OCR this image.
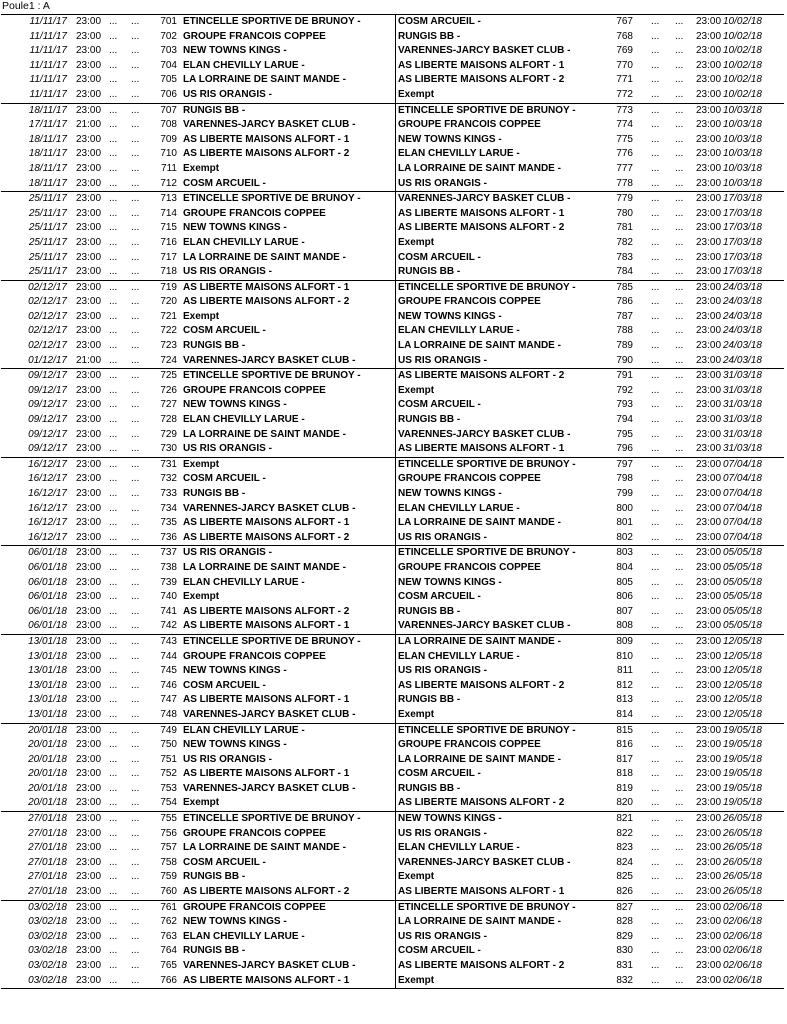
Poule1 : A
11/11/17 23:00 ... ...	701 ETINCELLE SPORTIVE DE BRUNOY -	COSM ARCUEIL -	767 ... ... 23:00 10/02/18
11/11/17 23:00 ... ...	702 GROUPE FRANCOIS COPPEE	RUNGIS BB -	768 ... ... 23:00 10/02/18
11/11/17 23:00 ... ...	703 NEW TOWNS KINGS -	VARENNES-JARCY BASKET CLUB -	769 ... ... 23:00 10/02/18
11/11/17 23:00 ... ...	704 ELAN CHEVILLY LARUE -	AS LIBERTE MAISONS ALFORT - 1	770 ... ... 23:00 10/02/18
11/11/17 23:00 ... ...	705 LA LORRAINE DE SAINT MANDE -	AS LIBERTE MAISONS ALFORT - 2	771 ... ... 23:00 10/02/18
11/11/17 23:00 ... ...	706 US RIS ORANGIS -	Exempt	772 ... ... 23:00 10/02/18
18/11/17 23:00 ... ...	707 RUNGIS BB -	ETINCELLE SPORTIVE DE BRUNOY -	773 ... ... 23:00 10/03/18
17/11/17 21:00 ... ...	708 VARENNES-JARCY BASKET CLUB -	GROUPE FRANCOIS COPPEE	774 ... ... 23:00 10/03/18
18/11/17 23:00 ... ...	709 AS LIBERTE MAISONS ALFORT - 1	NEW TOWNS KINGS -	775 ... ... 23:00 10/03/18
18/11/17 23:00 ... ...	710 AS LIBERTE MAISONS ALFORT - 2	ELAN CHEVILLY LARUE -	776 ... ... 23:00 10/03/18
18/11/17 23:00 ... ...	711 Exempt	LA LORRAINE DE SAINT MANDE -	777 ... ... 23:00 10/03/18
18/11/17 23:00 ... ...	712 COSM ARCUEIL -	US RIS ORANGIS -	778 ... ... 23:00 10/03/18
25/11/17 23:00 ... ...	713 ETINCELLE SPORTIVE DE BRUNOY -	VARENNES-JARCY BASKET CLUB -	779 ... ... 23:00 17/03/18
25/11/17 23:00 ... ...	714 GROUPE FRANCOIS COPPEE	AS LIBERTE MAISONS ALFORT - 1	780 ... ... 23:00 17/03/18
25/11/17 23:00 ... ...	715 NEW TOWNS KINGS -	AS LIBERTE MAISONS ALFORT - 2	781 ... ... 23:00 17/03/18
25/11/17 23:00 ... ...	716 ELAN CHEVILLY LARUE -	Exempt	782 ... ... 23:00 17/03/18
25/11/17 23:00 ... ...	717 LA LORRAINE DE SAINT MANDE -	COSM ARCUEIL -	783 ... ... 23:00 17/03/18
25/11/17 23:00 ... ...	718 US RIS ORANGIS -	RUNGIS BB -	784 ... ... 23:00 17/03/18
02/12/17 23:00 ... ...	719 AS LIBERTE MAISONS ALFORT - 1	ETINCELLE SPORTIVE DE BRUNOY -	785 ... ... 23:00 24/03/18
02/12/17 23:00 ... ...	720 AS LIBERTE MAISONS ALFORT - 2	GROUPE FRANCOIS COPPEE	786 ... ... 23:00 24/03/18
02/12/17 23:00 ... ...	721 Exempt	NEW TOWNS KINGS -	787 ... ... 23:00 24/03/18
02/12/17 23:00 ... ...	722 COSM ARCUEIL -	ELAN CHEVILLY LARUE -	788 ... ... 23:00 24/03/18
02/12/17 23:00 ... ...	723 RUNGIS BB -	LA LORRAINE DE SAINT MANDE -	789 ... ... 23:00 24/03/18
01/12/17 21:00 ... ...	724 VARENNES-JARCY BASKET CLUB -	US RIS ORANGIS -	790 ... ... 23:00 24/03/18
09/12/17 23:00 ... ...	725 ETINCELLE SPORTIVE DE BRUNOY -	AS LIBERTE MAISONS ALFORT - 2	791 ... ... 23:00 31/03/18
09/12/17 23:00 ... ...	726 GROUPE FRANCOIS COPPEE	Exempt	792 ... ... 23:00 31/03/18
09/12/17 23:00 ... ...	727 NEW TOWNS KINGS -	COSM ARCUEIL -	793 ... ... 23:00 31/03/18
09/12/17 23:00 ... ...	728 ELAN CHEVILLY LARUE -	RUNGIS BB -	794 ... ... 23:00 31/03/18
09/12/17 23:00 ... ...	729 LA LORRAINE DE SAINT MANDE -	VARENNES-JARCY BASKET CLUB -	795 ... ... 23:00 31/03/18
09/12/17 23:00 ... ...	730 US RIS ORANGIS -	AS LIBERTE MAISONS ALFORT - 1	796 ... ... 23:00 31/03/18
16/12/17 23:00 ... ...	731 Exempt	ETINCELLE SPORTIVE DE BRUNOY -	797 ... ... 23:00 07/04/18
16/12/17 23:00 ... ...	732 COSM ARCUEIL -	GROUPE FRANCOIS COPPEE	798 ... ... 23:00 07/04/18
16/12/17 23:00 ... ...	733 RUNGIS BB -	NEW TOWNS KINGS -	799 ... ... 23:00 07/04/18
16/12/17 23:00 ... ...	734 VARENNES-JARCY BASKET CLUB -	ELAN CHEVILLY LARUE -	800 ... ... 23:00 07/04/18
16/12/17 23:00 ... ...	735 AS LIBERTE MAISONS ALFORT - 1	LA LORRAINE DE SAINT MANDE -	801 ... ... 23:00 07/04/18
16/12/17 23:00 ... ...	736 AS LIBERTE MAISONS ALFORT - 2	US RIS ORANGIS -	802 ... ... 23:00 07/04/18
06/01/18 23:00 ... ...	737 US RIS ORANGIS -	ETINCELLE SPORTIVE DE BRUNOY -	803 ... ... 23:00 05/05/18
06/01/18 23:00 ... ...	738 LA LORRAINE DE SAINT MANDE -	GROUPE FRANCOIS COPPEE	804 ... ... 23:00 05/05/18
06/01/18 23:00 ... ...	739 ELAN CHEVILLY LARUE -	NEW TOWNS KINGS -	805 ... ... 23:00 05/05/18
06/01/18 23:00 ... ...	740 Exempt	COSM ARCUEIL -	806 ... ... 23:00 05/05/18
06/01/18 23:00 ... ...	741 AS LIBERTE MAISONS ALFORT - 2	RUNGIS BB -	807 ... ... 23:00 05/05/18
06/01/18 23:00 ... ...	742 AS LIBERTE MAISONS ALFORT - 1	VARENNES-JARCY BASKET CLUB -	808 ... ... 23:00 05/05/18
13/01/18 23:00 ... ...	743 ETINCELLE SPORTIVE DE BRUNOY -	LA LORRAINE DE SAINT MANDE -	809 ... ... 23:00 12/05/18
13/01/18 23:00 ... ...	744 GROUPE FRANCOIS COPPEE	ELAN CHEVILLY LARUE -	810 ... ... 23:00 12/05/18
13/01/18 23:00 ... ...	745 NEW TOWNS KINGS -	US RIS ORANGIS -	811 ... ... 23:00 12/05/18
13/01/18 23:00 ... ...	746 COSM ARCUEIL -	AS LIBERTE MAISONS ALFORT - 2	812 ... ... 23:00 12/05/18
13/01/18 23:00 ... ...	747 AS LIBERTE MAISONS ALFORT - 1	RUNGIS BB -	813 ... ... 23:00 12/05/18
13/01/18 23:00 ... ...	748 VARENNES-JARCY BASKET CLUB -	Exempt	814 ... ... 23:00 12/05/18
20/01/18 23:00 ... ...	749 ELAN CHEVILLY LARUE -	ETINCELLE SPORTIVE DE BRUNOY -	815 ... ... 23:00 19/05/18
20/01/18 23:00 ... ...	750 NEW TOWNS KINGS -	GROUPE FRANCOIS COPPEE	816 ... ... 23:00 19/05/18
20/01/18 23:00 ... ...	751 US RIS ORANGIS -	LA LORRAINE DE SAINT MANDE -	817 ... ... 23:00 19/05/18
20/01/18 23:00 ... ...	752 AS LIBERTE MAISONS ALFORT - 1	COSM ARCUEIL -	818 ... ... 23:00 19/05/18
20/01/18 23:00 ... ...	753 VARENNES-JARCY BASKET CLUB -	RUNGIS BB -	819 ... ... 23:00 19/05/18
20/01/18 23:00 ... ...	754 Exempt	AS LIBERTE MAISONS ALFORT - 2	820 ... ... 23:00 19/05/18
27/01/18 23:00 ... ...	755 ETINCELLE SPORTIVE DE BRUNOY -	NEW TOWNS KINGS -	821 ... ... 23:00 26/05/18
27/01/18 23:00 ... ...	756 GROUPE FRANCOIS COPPEE	US RIS ORANGIS -	822 ... ... 23:00 26/05/18
27/01/18 23:00 ... ...	757 LA LORRAINE DE SAINT MANDE -	ELAN CHEVILLY LARUE -	823 ... ... 23:00 26/05/18
27/01/18 23:00 ... ...	758 COSM ARCUEIL -	VARENNES-JARCY BASKET CLUB -	824 ... ... 23:00 26/05/18
27/01/18 23:00 ... ...	759 RUNGIS BB -	Exempt	825 ... ... 23:00 26/05/18
27/01/18 23:00 ... ...	760 AS LIBERTE MAISONS ALFORT - 2	AS LIBERTE MAISONS ALFORT - 1	826 ... ... 23:00 26/05/18
03/02/18 23:00 ... ...	761 GROUPE FRANCOIS COPPEE	ETINCELLE SPORTIVE DE BRUNOY -	827 ... ... 23:00 02/06/18
03/02/18 23:00 ... ...	762 NEW TOWNS KINGS -	LA LORRAINE DE SAINT MANDE -	828 ... ... 23:00 02/06/18
03/02/18 23:00 ... ...	763 ELAN CHEVILLY LARUE -	US RIS ORANGIS -	829 ... ... 23:00 02/06/18
03/02/18 23:00 ... ...	764 RUNGIS BB -	COSM ARCUEIL -	830 ... ... 23:00 02/06/18
03/02/18 23:00 ... ...	765 VARENNES-JARCY BASKET CLUB -	AS LIBERTE MAISONS ALFORT - 2	831 ... ... 23:00 02/06/18
03/02/18 23:00 ... ...	766 AS LIBERTE MAISONS ALFORT - 1	Exempt	832 ... ... 23:00 02/06/18
